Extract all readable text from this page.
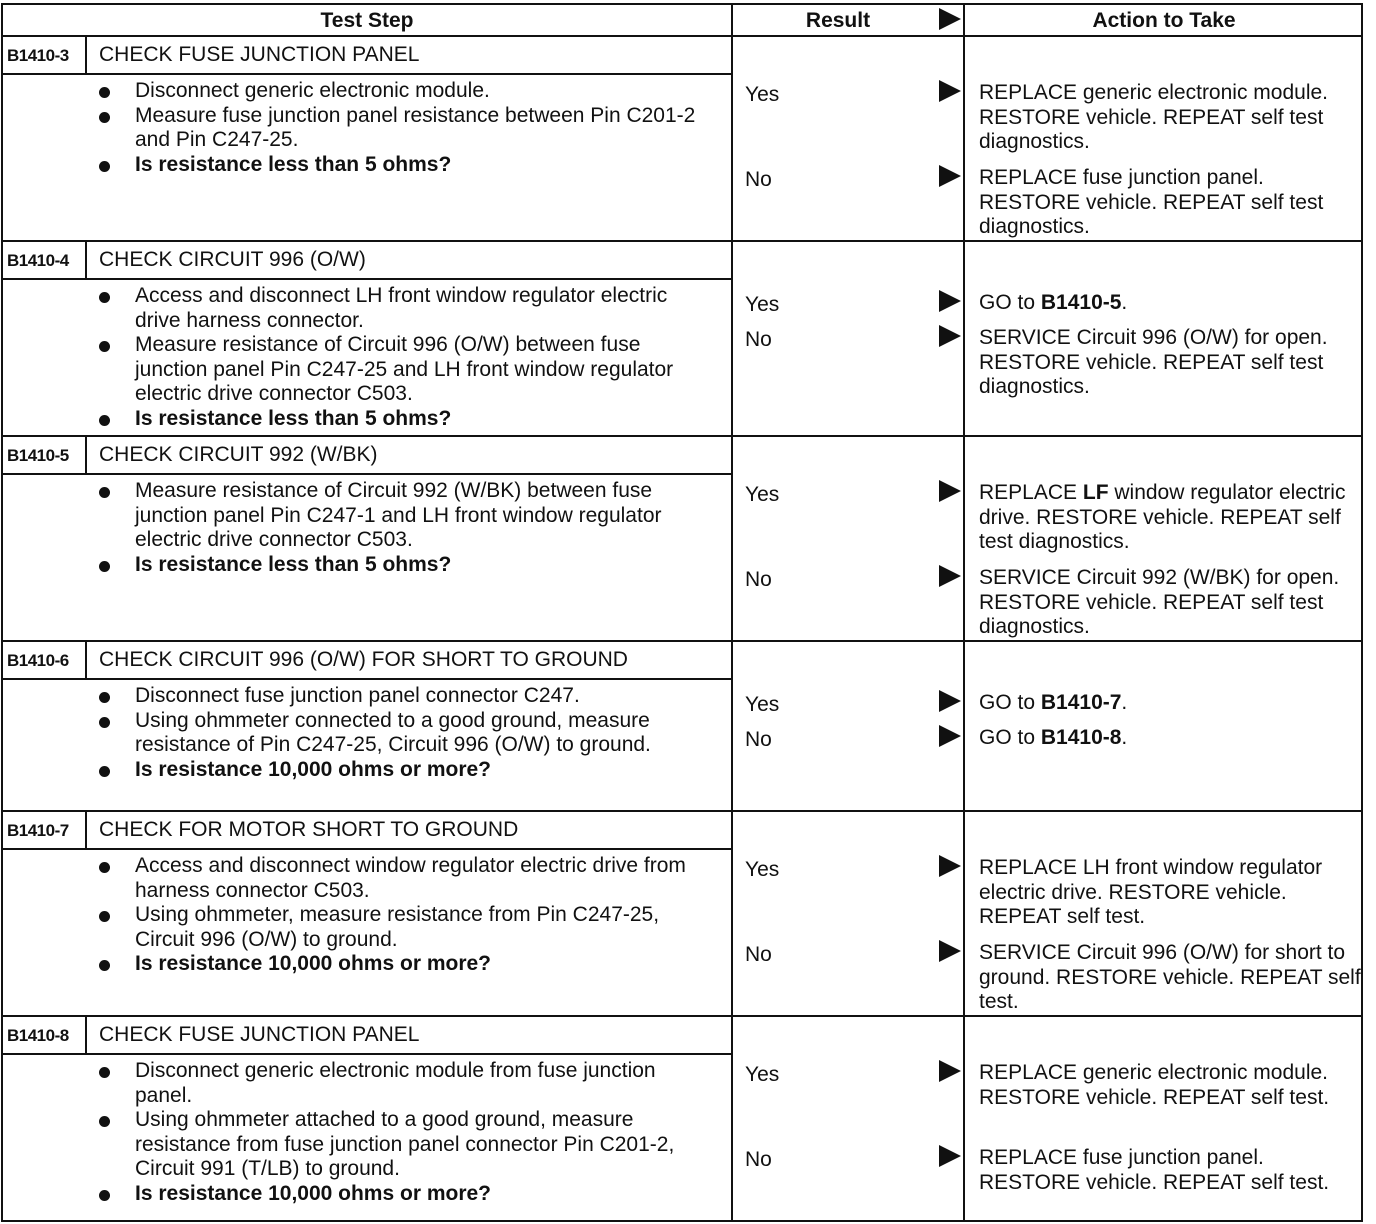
Test Step	Result	Action to Take
B1410-3 CHECK FUSE JUNCTION PANEL
Disconnect generic electronic module.
Measure fuse junction panel resistance between Pin C201-2 and Pin C247-25.
Is resistance less than 5 ohms?
Yes	REPLACE generic electronic module. RESTORE vehicle. REPEAT self test diagnostics.
No	REPLACE fuse junction panel. RESTORE vehicle. REPEAT self test diagnostics.
B1410-4 CHECK CIRCUIT 996 (O/W)
Access and disconnect LH front window regulator electric drive harness connector.
Measure resistance of Circuit 996 (O/W) between fuse junction panel Pin C247-25 and LH front window regulator electric drive connector C503.
Is resistance less than 5 ohms?
Yes	GO to B1410-5.
No	SERVICE Circuit 996 (O/W) for open. RESTORE vehicle. REPEAT self test diagnostics.
B1410-5 CHECK CIRCUIT 992 (W/BK)
Measure resistance of Circuit 992 (W/BK) between fuse junction panel Pin C247-1 and LH front window regulator electric drive connector C503.
Is resistance less than 5 ohms?
Yes	REPLACE LF window regulator electric drive. RESTORE vehicle. REPEAT self test diagnostics.
No	SERVICE Circuit 992 (W/BK) for open. RESTORE vehicle. REPEAT self test diagnostics.
B1410-6 CHECK CIRCUIT 996 (O/W) FOR SHORT TO GROUND
Disconnect fuse junction panel connector C247.
Using ohmmeter connected to a good ground, measure resistance of Pin C247-25, Circuit 996 (O/W) to ground.
Is resistance 10,000 ohms or more?
Yes	GO to B1410-7.
No	GO to B1410-8.
B1410-7 CHECK FOR MOTOR SHORT TO GROUND
Access and disconnect window regulator electric drive from harness connector C503.
Using ohmmeter, measure resistance from Pin C247-25, Circuit 996 (O/W) to ground.
Is resistance 10,000 ohms or more?
Yes	REPLACE LH front window regulator electric drive. RESTORE vehicle. REPEAT self test.
No	SERVICE Circuit 996 (O/W) for short to ground. RESTORE vehicle. REPEAT self test.
B1410-8 CHECK FUSE JUNCTION PANEL
Disconnect generic electronic module from fuse junction panel.
Using ohmmeter attached to a good ground, measure resistance from fuse junction panel connector Pin C201-2, Circuit 991 (T/LB) to ground.
Is resistance 10,000 ohms or more?
Yes	REPLACE generic electronic module. RESTORE vehicle. REPEAT self test.
No	REPLACE fuse junction panel. RESTORE vehicle. REPEAT self test.
